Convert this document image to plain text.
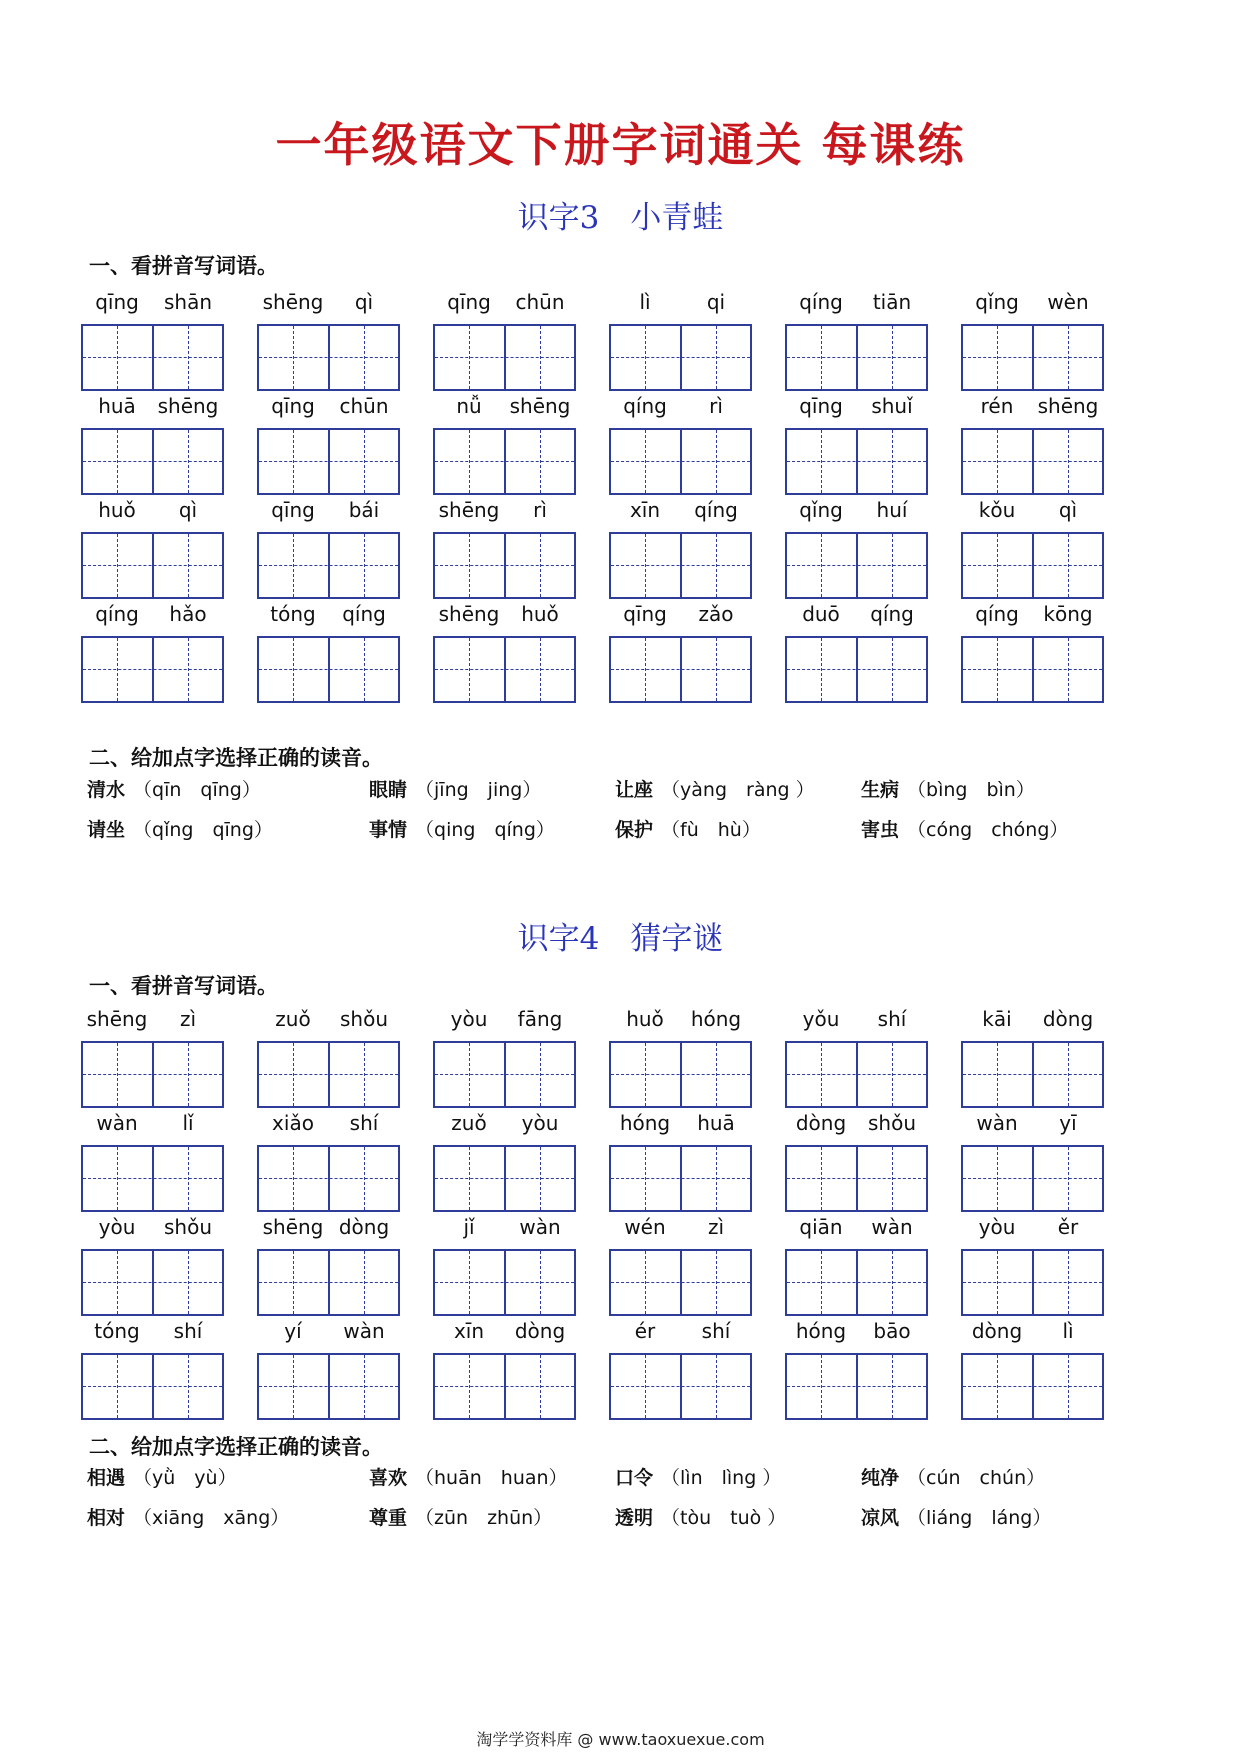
一年级语文下册字词通关 每课练
识字3　小青蛙
一、看拼音写词语。
qīng	shān	shēng	qì	qīng	chūn	lì	qi	qíng	tiān	qǐng	wèn
huā	shēng	qīng	chūn	nǚ	shēng	qíng	rì	qīng	shuǐ	rén	shēng
huǒ	qì	qīng	bái	shēng	rì	xīn	qíng	qǐng	huí	kǒu	qì
qíng	hǎo	tóng	qíng	shēng	huǒ	qīng	zǎo	duō	qíng	qíng	kōng
二、给加点字选择正确的读音。
清水 （qīn　qīng）	眼睛 （jīng　jing）	让座 （yàng　ràng ） 生病 （bìng　bìn）
请坐 （qǐng　qīng）	事情 （qing　qíng）	保护 （fù　hù）	害虫 （cóng　chóng）
识字4　猜字谜
一、看拼音写词语。
shēng	zì	zuǒ	shǒu	yòu	fāng	huǒ	hóng	yǒu	shí	kāi	dòng
wàn	lǐ	xiǎo	shí	zuǒ	yòu	hóng	huā	dòng	shǒu	wàn	yī
yòu	shǒu	shēng dòng	jǐ	wàn	wén	zì	qiān	wàn	yòu	ěr
tóng	shí	yí	wàn	xīn	dòng	ér	shí	hóng	bāo	dòng	lì
二、给加点字选择正确的读音。
相遇 （yǜ　yù）	喜欢 （huān　huan） 口令 （lìn　lìng ）	纯净 （cún　chún）
相对 （xiāng　xāng）	尊重 （zūn　zhūn）	透明 （tòu　tuò ）	凉风 （liáng　láng）
淘学学资料库 @ www.taoxuexue.com
